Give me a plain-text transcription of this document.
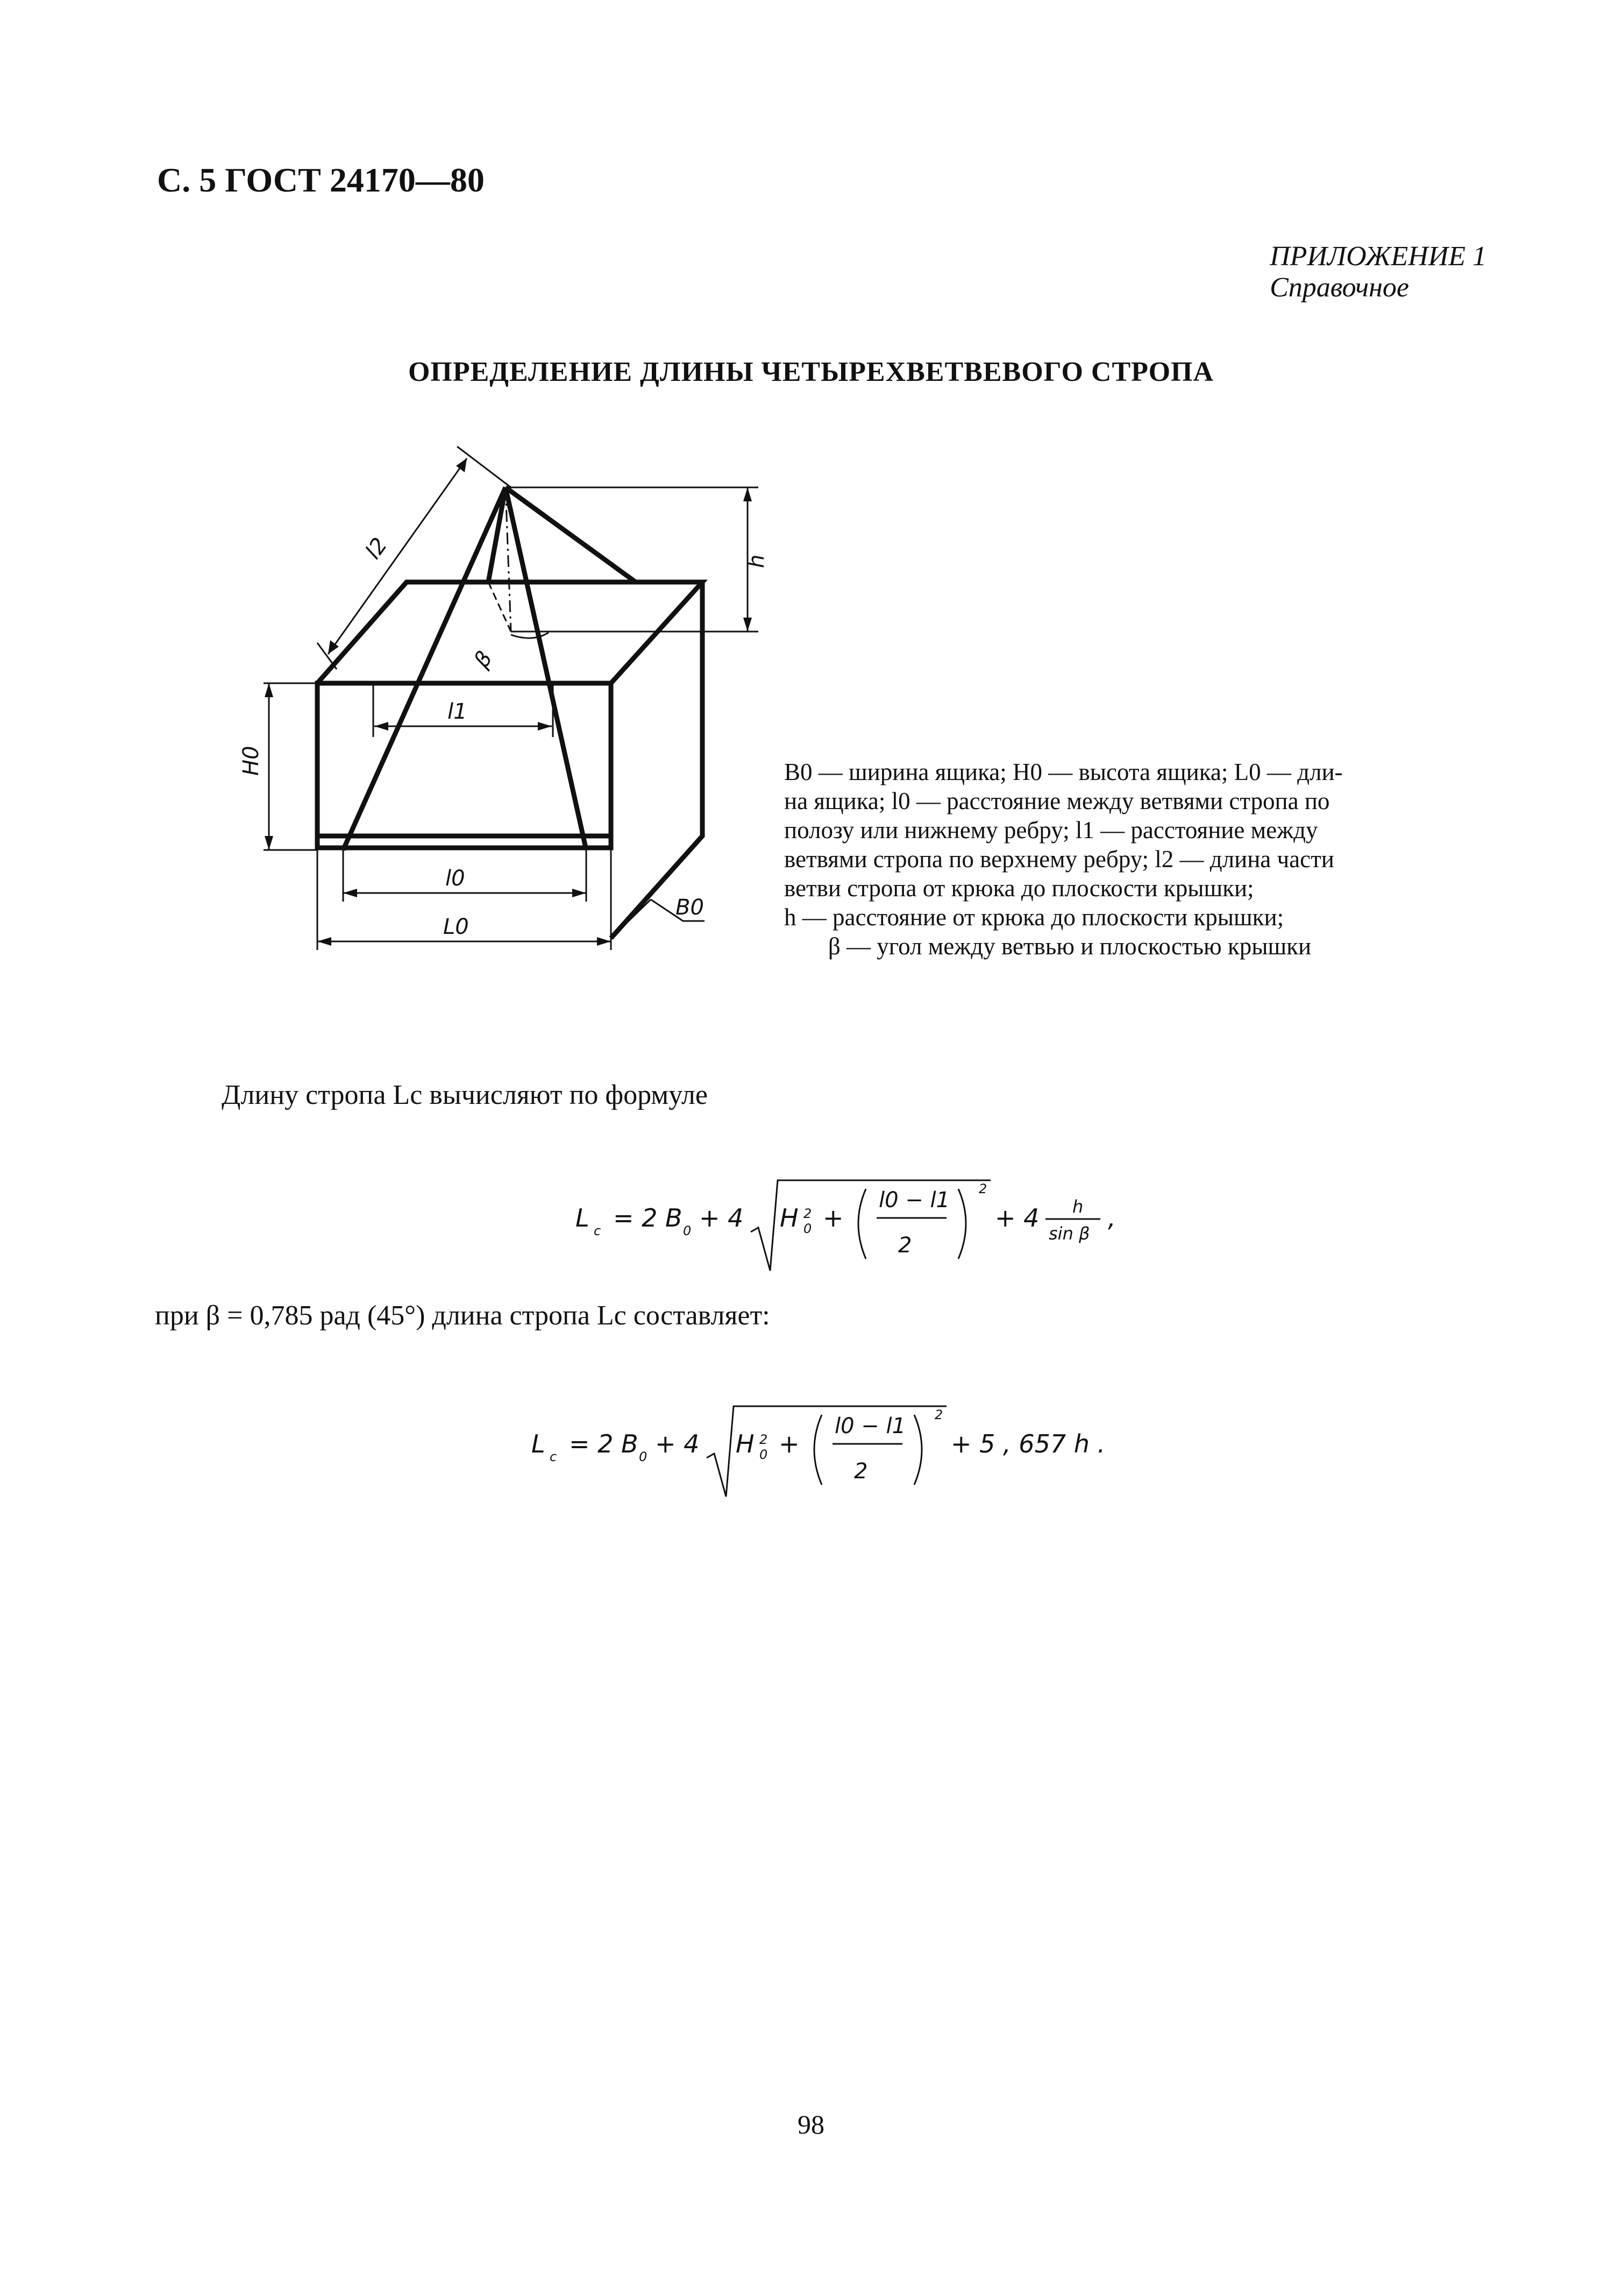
С. 5 ГОСТ 24170—80
ПРИЛОЖЕНИЕ 1
Справочное
ОПРЕДЕЛЕНИЕ ДЛИНЫ ЧЕТЫРЕХВЕТВЕВОГО СТРОПА
l2	h
β
l1
H0
l0
L0
B0
B0 — ширина ящика; H0 — высота ящика; L0 — дли-
на ящика; l0 — расстояние между ветвями стропа по
полозу или нижнему ребру; l1 — расстояние между
ветвями стропа по верхнему ребру; l2 — длина части
ветви стропа от крюка до плоскости крышки;
h — расстояние от крюка до плоскости крышки;
β — угол между ветвью и плоскостью крышки
Длину стропа Lс вычисляют по формуле
L с = 2 B 0 + 4 H 2
0 +
l0 − l1
2
2
+ 4 h
sin β
,
при β = 0,785 рад (45°) длина стропа Lс составляет:
L с = 2 B 0 + 4 H 2
0 +
l0 − l1
2
2
+ 5 , 657 h .
98
